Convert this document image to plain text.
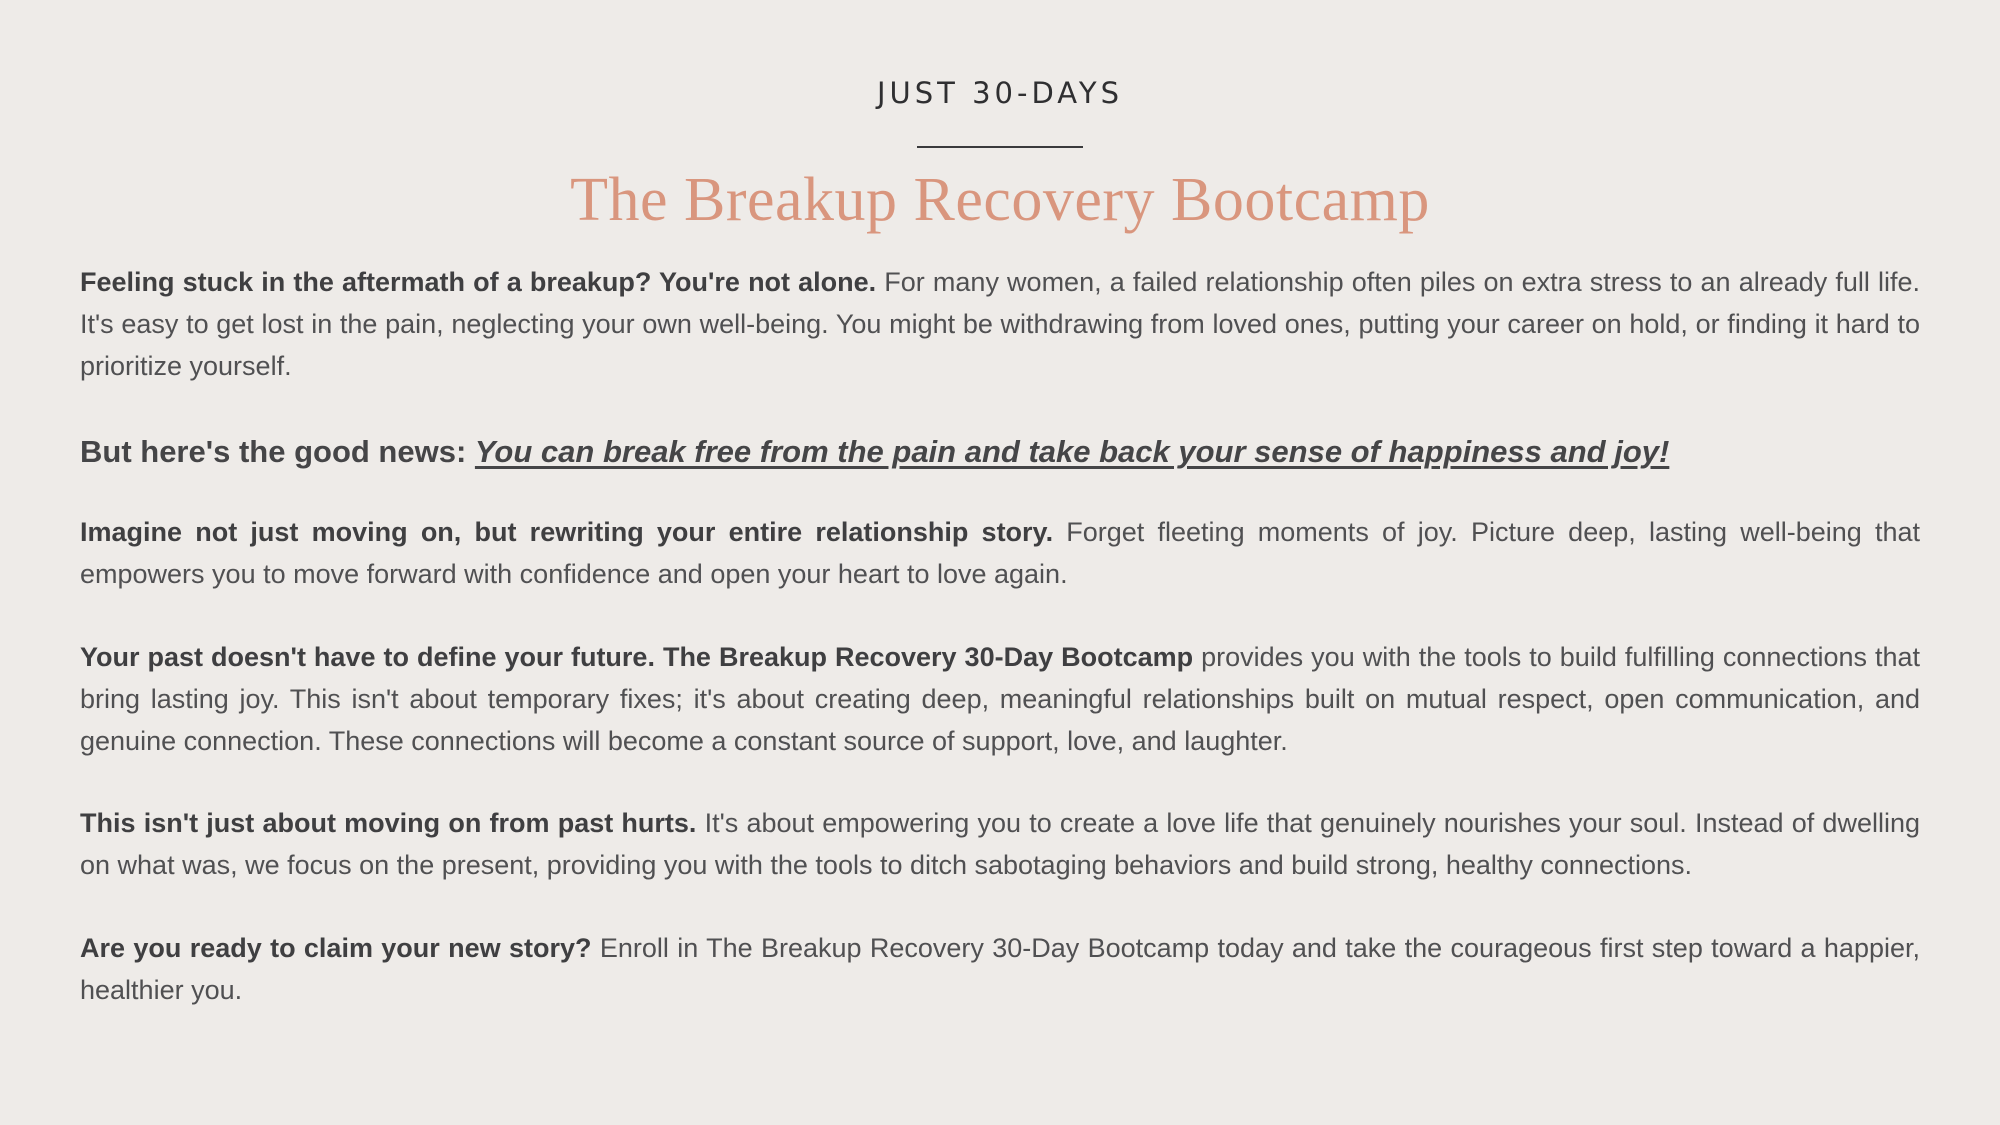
JUST 30-DAYS
The Breakup Recovery Bootcamp

Feeling stuck in the aftermath of a breakup? You're not alone. For many women, a failed relationship often piles on extra stress to an already full life. It's easy to get lost in the pain, neglecting your own well-being. You might be withdrawing from loved ones, putting your career on hold, or finding it hard to prioritize yourself.

But here's the good news: You can break free from the pain and take back your sense of happiness and joy!

Imagine not just moving on, but rewriting your entire relationship story. Forget fleeting moments of joy. Picture deep, lasting well-being that empowers you to move forward with confidence and open your heart to love again.

Your past doesn't have to define your future. The Breakup Recovery 30-Day Bootcamp provides you with the tools to build fulfilling connections that bring lasting joy. This isn't about temporary fixes; it's about creating deep, meaningful relationships built on mutual respect, open communication, and genuine connection. These connections will become a constant source of support, love, and laughter.

This isn't just about moving on from past hurts. It's about empowering you to create a love life that genuinely nourishes your soul. Instead of dwelling on what was, we focus on the present, providing you with the tools to ditch sabotaging behaviors and build strong, healthy connections.

Are you ready to claim your new story? Enroll in The Breakup Recovery 30-Day Bootcamp today and take the courageous first step toward a happier, healthier you.
